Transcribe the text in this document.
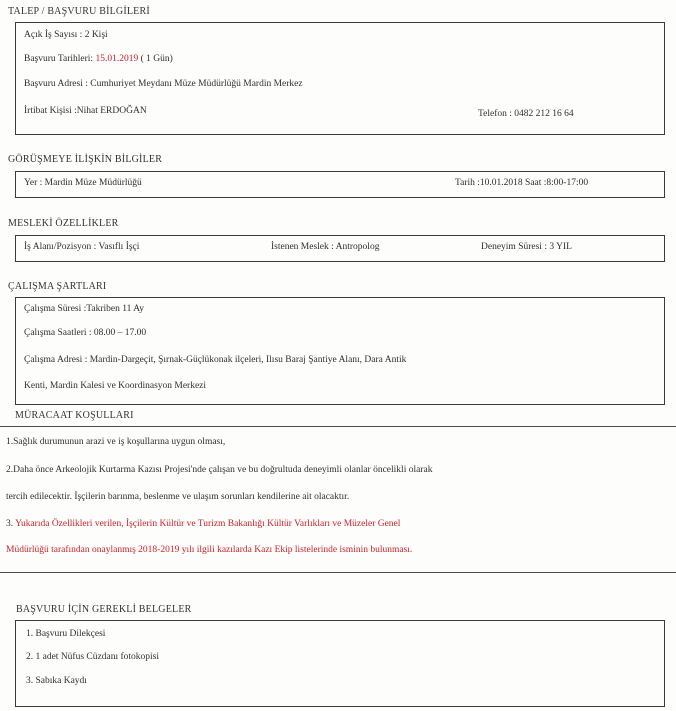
TALEP / BAŞVURU BİLGİLERİ
Açık İş Sayısı : 2 Kişi
Başvuru Tarihleri: 15.01.2019 ( 1 Gün)
Başvuru Adresi : Cumhuriyet Meydanı Müze Müdürlüğü Mardin Merkez
İrtibat Kişisi :Nihat ERDOĞAN	Telefon : 0482 212 16 64
GÖRÜŞMEYE İLİŞKİN BİLGİLER
Yer : Mardin Müze Müdürlüğü	Tarih :10.01.2018 Saat :8:00-17:00
MESLEKİ ÖZELLİKLER
İş Alanı/Pozisyon : Vasıflı İşçi	İstenen Meslek : Antropolog	Deneyim Süresi : 3 YIL
ÇALIŞMA ŞARTLARI
Çalışma Süresi :Takriben 11 Ay
Çalışma Saatleri : 08.00 – 17.00
Çalışma Adresi : Mardin-Dargeçit, Şırnak-Güçlükonak ilçeleri, Ilısu Baraj Şantiye Alanı, Dara Antik
Kenti, Mardin Kalesi ve Koordinasyon Merkezi
MÜRACAAT KOŞULLARI
1.Sağlık durumunun arazi ve iş koşullarına uygun olması,
2.Daha önce Arkeolojik Kurtarma Kazısı Projesi'nde çalışan ve bu doğrultuda deneyimli olanlar öncelikli olarak
tercih edilecektir. İşçilerin barınma, beslenme ve ulaşım sorunları kendilerine ait olacaktır.
3. Yukarıda Özellikleri verilen, İşçilerin Kültür ve Turizm Bakanlığı Kültür Varlıkları ve Müzeler Genel
Müdürlüğü tarafından onaylanmış 2018-2019 yılı ilgili kazılarda Kazı Ekip listelerinde isminin bulunması.
BAŞVURU İÇİN GEREKLİ BELGELER
1. Başvuru Dilekçesi
2. 1 adet Nüfus Cüzdanı fotokopisi
3. Sabıka Kaydı
